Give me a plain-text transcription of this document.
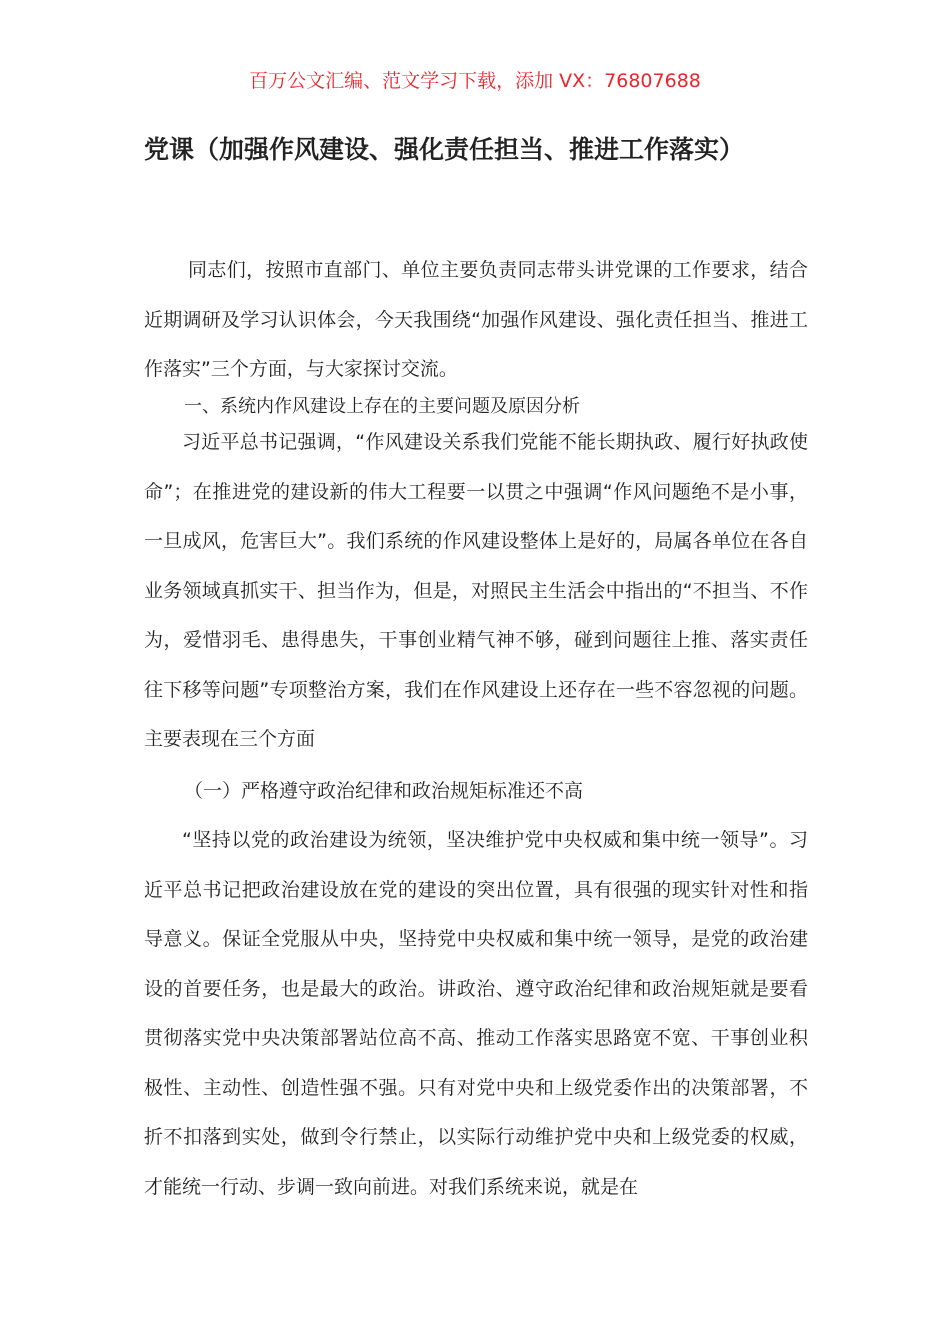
百万公文汇编、范文学习下载，添加 VX：76807688
党课（加强作风建设、强化责任担当、推进工作落实）
同志们，按照市直部门、单位主要负责同志带头讲党课的工作要求，结合近期调研及学习认识体会，今天我围绕“加强作风建设、强化责任担当、推进工作落实”三个方面，与大家探讨交流。
一、系统内作风建设上存在的主要问题及原因分析
习近平总书记强调，“作风建设关系我们党能不能长期执政、履行好执政使命”；在推进党的建设新的伟大工程要一以贯之中强调“作风问题绝不是小事，一旦成风，危害巨大”。我们系统的作风建设整体上是好的，局属各单位在各自业务领域真抓实干、担当作为，但是，对照民主生活会中指出的“不担当、不作为，爱惜羽毛、患得患失，干事创业精气神不够，碰到问题往上推、落实责任往下移等问题”专项整治方案，我们在作风建设上还存在一些不容忽视的问题。主要表现在三个方面
（一）严格遵守政治纪律和政治规矩标准还不高
“坚持以党的政治建设为统领，坚决维护党中央权威和集中统一领导”。习近平总书记把政治建设放在党的建设的突出位置，具有很强的现实针对性和指导意义。保证全党服从中央，坚持党中央权威和集中统一领导，是党的政治建设的首要任务，也是最大的政治。讲政治、遵守政治纪律和政治规矩就是要看贯彻落实党中央决策部署站位高不高、推动工作落实思路宽不宽、干事创业积极性、主动性、创造性强不强。只有对党中央和上级党委作出的决策部署，不折不扣落到实处，做到令行禁止，以实际行动维护党中央和上级党委的权威，才能统一行动、步调一致向前进。对我们系统来说，就是在
